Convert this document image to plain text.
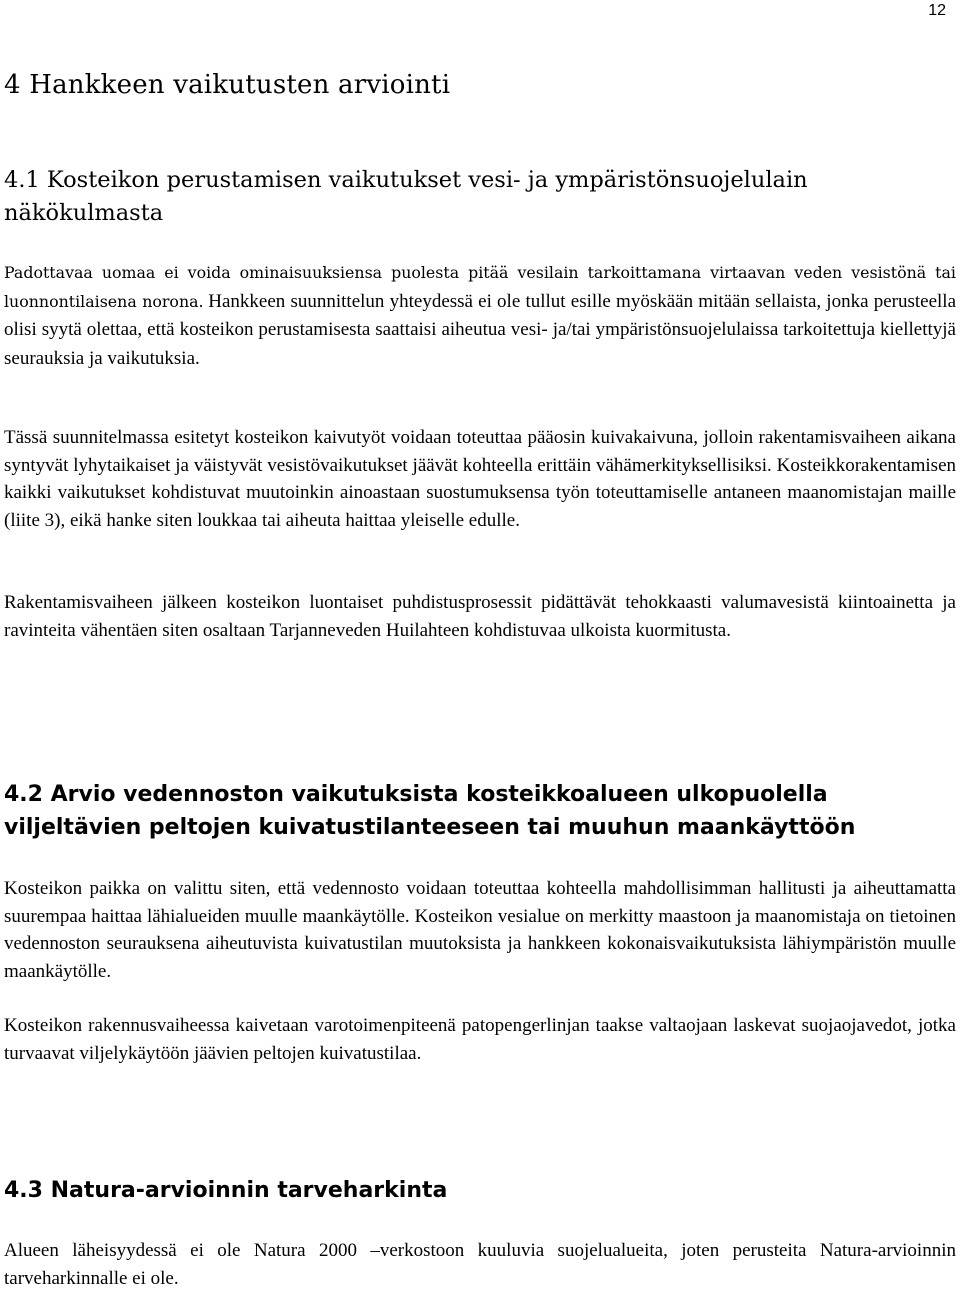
12
4 Hankkeen vaikutusten arviointi
4.1 Kosteikon perustamisen vaikutukset vesi- ja ympäristönsuojelulain näkökulmasta

Padottavaa uomaa ei voida ominaisuuksiensa puolesta pitää vesilain tarkoittamana virtaavan veden vesistönä tai luonnontilaisena norona. Hankkeen suunnittelun yhteydessä ei ole tullut esille myöskään mitään sellaista, jonka perusteella olisi syytä olettaa, että kosteikon perustamisesta saattaisi aiheutua vesi- ja/tai ympäristönsuojelulaissa tarkoitettuja kiellettyjä seurauksia ja vaikutuksia.

Tässä suunnitelmassa esitetyt kosteikon kaivutyöt voidaan toteuttaa pääosin kuivakaivuna, jolloin rakentamisvaiheen aikana syntyvät lyhytaikaiset ja väistyvät vesistövaikutukset jäävät kohteella erittäin vähämerkityksellisiksi. Kosteikkorakentamisen kaikki vaikutukset kohdistuvat muutoinkin ainoastaan suostumuksensa työn toteuttamiselle antaneen maanomistajan maille (liite 3), eikä hanke siten loukkaa tai aiheuta haittaa yleiselle edulle.

Rakentamisvaiheen jälkeen kosteikon luontaiset puhdistusprosessit pidättävät tehokkaasti valumavesistä kiintoainetta ja ravinteita vähentäen siten osaltaan Tarjanneveden Huilahteen kohdistuvaa ulkoista kuormitusta.

4.2 Arvio vedennoston vaikutuksista kosteikkoalueen ulkopuolella viljeltävien peltojen kuivatustilanteeseen tai muuhun maankäyttöön

Kosteikon paikka on valittu siten, että vedennosto voidaan toteuttaa kohteella mahdollisimman hallitusti ja aiheuttamatta suurempaa haittaa lähialueiden muulle maankäytölle. Kosteikon vesialue on merkitty maastoon ja maanomistaja on tietoinen vedennoston seurauksena aiheutuvista kuivatustilan muutoksista ja hankkeen kokonaisvaikutuksista lähiympäristön muulle maankäytölle.

Kosteikon rakennusvaiheessa kaivetaan varotoimenpiteenä patopengerlinjan taakse valtaojaan laskevat suojaojavedot, jotka turvaavat viljelykäytöön jäävien peltojen kuivatustilaa.

4.3 Natura-arvioinnin tarveharkinta

Alueen läheisyydessä ei ole Natura 2000 –verkostoon kuuluvia suojelualueita, joten perusteita Natura-arvioinnin tarveharkinnalle ei ole.
